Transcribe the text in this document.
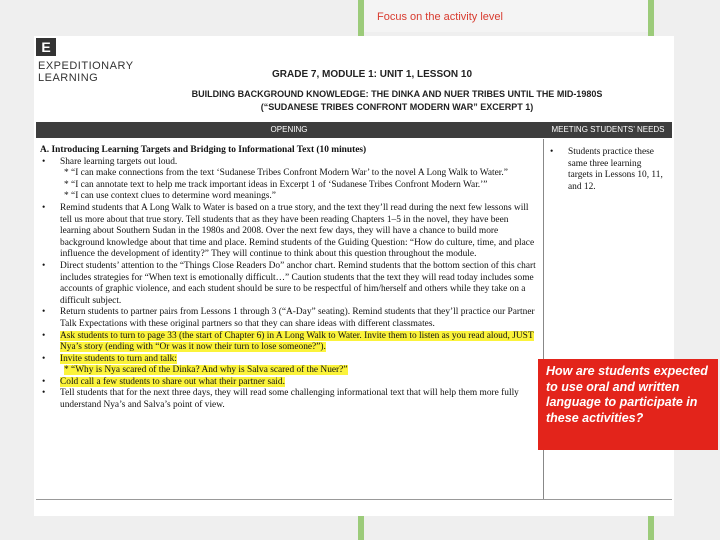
Focus on the activity level
E
EXPEDITIONARY
LEARNING	GRADE 7, MODULE 1: UNIT 1, LESSON 10
BUILDING BACKGROUND KNOWLEDGE: THE DINKA AND NUER TRIBES UNTIL THE MID-1980S
(“SUDANESE TRIBES CONFRONT MODERN WAR” EXCERPT 1)
OPENING	MEETING STUDENTS’ NEEDS
A. Introducing Learning Targets and Bridging to Informational Text (10 minutes)
• Share learning targets out loud.
* “I can make connections from the text ‘Sudanese Tribes Confront Modern War’ to the novel A Long Walk to Water.”
* “I can annotate text to help me track important ideas in Excerpt 1 of ‘Sudanese Tribes Confront Modern War.’”
* “I can use context clues to determine word meanings.”
• Remind students that A Long Walk to Water is based on a true story, and the text they’ll read during the next few lessons will tell us more about that true story. Tell students that as they have been reading Chapters 1–5 in the novel, they have been learning about Southern Sudan in the 1980s and 2008. Over the next few days, they will have a chance to build more background knowledge about that time and place. Remind students of the Guiding Question: “How do culture, time, and place influence the development of identity?” They will continue to think about this question throughout the module.
• Direct students’ attention to the “Things Close Readers Do” anchor chart. Remind students that the bottom section of this chart includes strategies for “When text is emotionally difficult…” Caution students that the text they will read today includes some accounts of graphic violence, and each student should be sure to be respectful of him/herself and others while they take on a difficult subject.
• Return students to partner pairs from Lessons 1 through 3 (“A-Day” seating). Remind students that they’ll practice our Partner Talk Expectations with these original partners so that they can share ideas with different classmates.
• Ask students to turn to page 33 (the start of Chapter 6) in A Long Walk to Water. Invite them to listen as you read aloud, JUST Nya’s story (ending with “Or was it now their turn to lose someone?”).
• Invite students to turn and talk:
* “Why is Nya scared of the Dinka? And why is Salva scared of the Nuer?”
• Cold call a few students to share out what their partner said.
• Tell students that for the next three days, they will read some challenging informational text that will help them more fully understand Nya’s and Salva’s point of view.
• Students practice these same three learning targets in Lessons 10, 11, and 12.
How are students expected to use oral and written language to participate in these activities?
